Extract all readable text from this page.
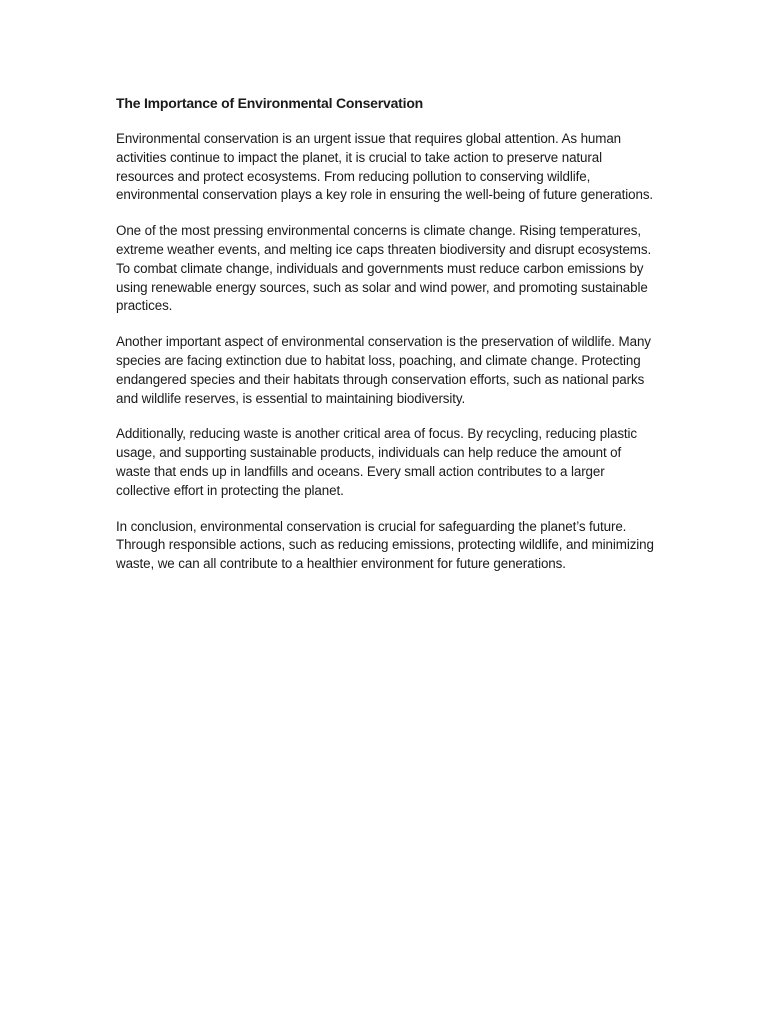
The Importance of Environmental Conservation

Environmental conservation is an urgent issue that requires global attention. As human activities continue to impact the planet, it is crucial to take action to preserve natural resources and protect ecosystems. From reducing pollution to conserving wildlife, environmental conservation plays a key role in ensuring the well-being of future generations.

One of the most pressing environmental concerns is climate change. Rising temperatures, extreme weather events, and melting ice caps threaten biodiversity and disrupt ecosystems. To combat climate change, individuals and governments must reduce carbon emissions by using renewable energy sources, such as solar and wind power, and promoting sustainable practices.

Another important aspect of environmental conservation is the preservation of wildlife. Many species are facing extinction due to habitat loss, poaching, and climate change. Protecting endangered species and their habitats through conservation efforts, such as national parks and wildlife reserves, is essential to maintaining biodiversity.

Additionally, reducing waste is another critical area of focus. By recycling, reducing plastic usage, and supporting sustainable products, individuals can help reduce the amount of waste that ends up in landfills and oceans. Every small action contributes to a larger collective effort in protecting the planet.

In conclusion, environmental conservation is crucial for safeguarding the planet’s future. Through responsible actions, such as reducing emissions, protecting wildlife, and minimizing waste, we can all contribute to a healthier environment for future generations.
